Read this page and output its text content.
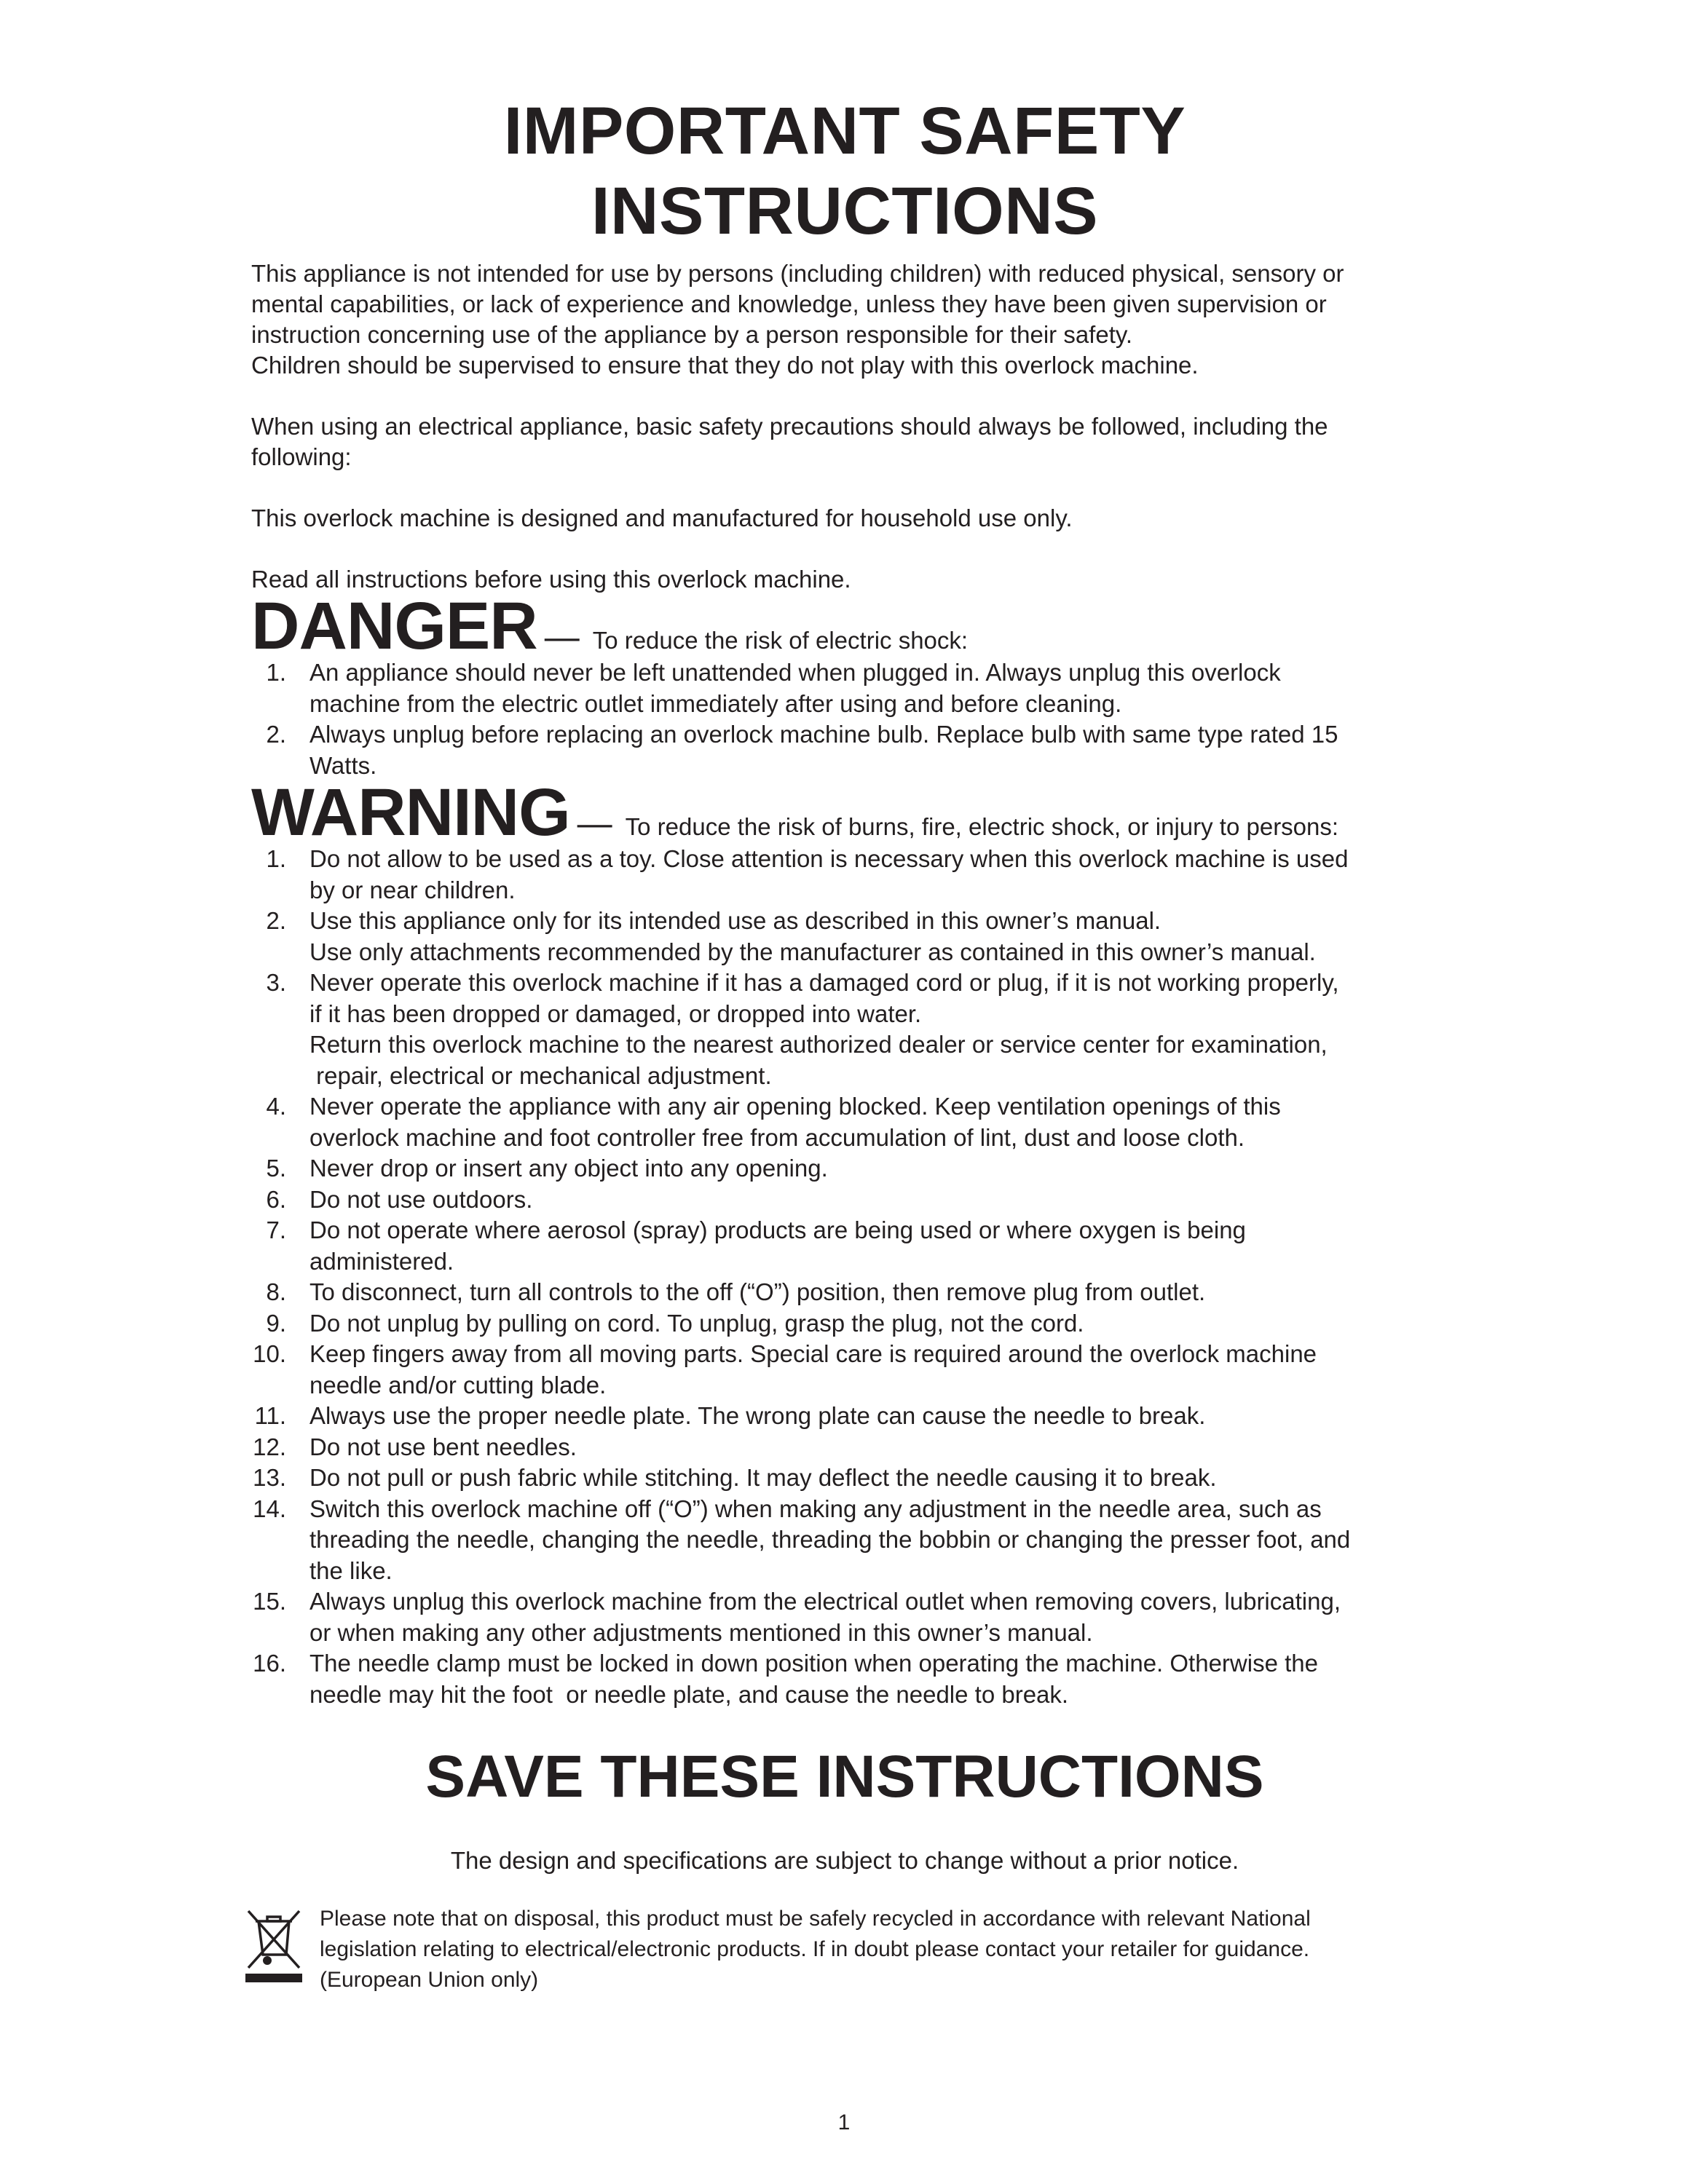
IMPORTANT SAFETY INSTRUCTIONS

This appliance is not intended for use by persons (including children) with reduced physical, sensory or

mental capabilities, or lack of experience and knowledge, unless they have been given supervision or

instruction concerning use of the appliance by a person responsible for their safety.

Children should be supervised to ensure that they do not play with this overlock machine.

When using an electrical appliance, basic safety precautions should always be followed, including the

following:

This overlock machine is designed and manufactured for household use only.

Read all instructions before using this overlock machine.

DANGER — To reduce the risk of electric shock:
1. An appliance should never be left unattended when plugged in. Always unplug this overlock
machine from the electric outlet immediately after using and before cleaning.
2. Always unplug before replacing an overlock machine bulb. Replace bulb with same type rated 15
Watts.
WARNING — To reduce the risk of burns, fire, electric shock, or injury to persons:
1. Do not allow to be used as a toy. Close attention is necessary when this overlock machine is used
by or near children.
2. Use this appliance only for its intended use as described in this owner’s manual.
Use only attachments recommended by the manufacturer as contained in this owner’s manual.
3. Never operate this overlock machine if it has a damaged cord or plug, if it is not working properly,
if it has been dropped or damaged, or dropped into water.
Return this overlock machine to the nearest authorized dealer or service center for examination,
repair, electrical or mechanical adjustment.
4. Never operate the appliance with any air opening blocked. Keep ventilation openings of this
overlock machine and foot controller free from accumulation of lint, dust and loose cloth.
5. Never drop or insert any object into any opening.
6. Do not use outdoors.
7. Do not operate where aerosol (spray) products are being used or where oxygen is being
administered.
8. To disconnect, turn all controls to the off (“O”) position, then remove plug from outlet.
9. Do not unplug by pulling on cord. To unplug, grasp the plug, not the cord.
10. Keep fingers away from all moving parts. Special care is required around the overlock machine
needle and/or cutting blade.
11. Always use the proper needle plate. The wrong plate can cause the needle to break.
12. Do not use bent needles.
13. Do not pull or push fabric while stitching. It may deflect the needle causing it to break.
14. Switch this overlock machine off (“O”) when making any adjustment in the needle area, such as
threading the needle, changing the needle, threading the bobbin or changing the presser foot, and
the like.
15. Always unplug this overlock machine from the electrical outlet when removing covers, lubricating,
or when making any other adjustments mentioned in this owner’s manual.
16. The needle clamp must be locked in down position when operating the machine. Otherwise the
needle may hit the foot  or needle plate, and cause the needle to break.
SAVE THESE INSTRUCTIONS

The design and specifications are subject to change without a prior notice.

Please note that on disposal, this product must be safely recycled in accordance with relevant National
legislation relating to electrical/electronic products. If in doubt please contact your retailer for guidance.
(European Union only)
1
